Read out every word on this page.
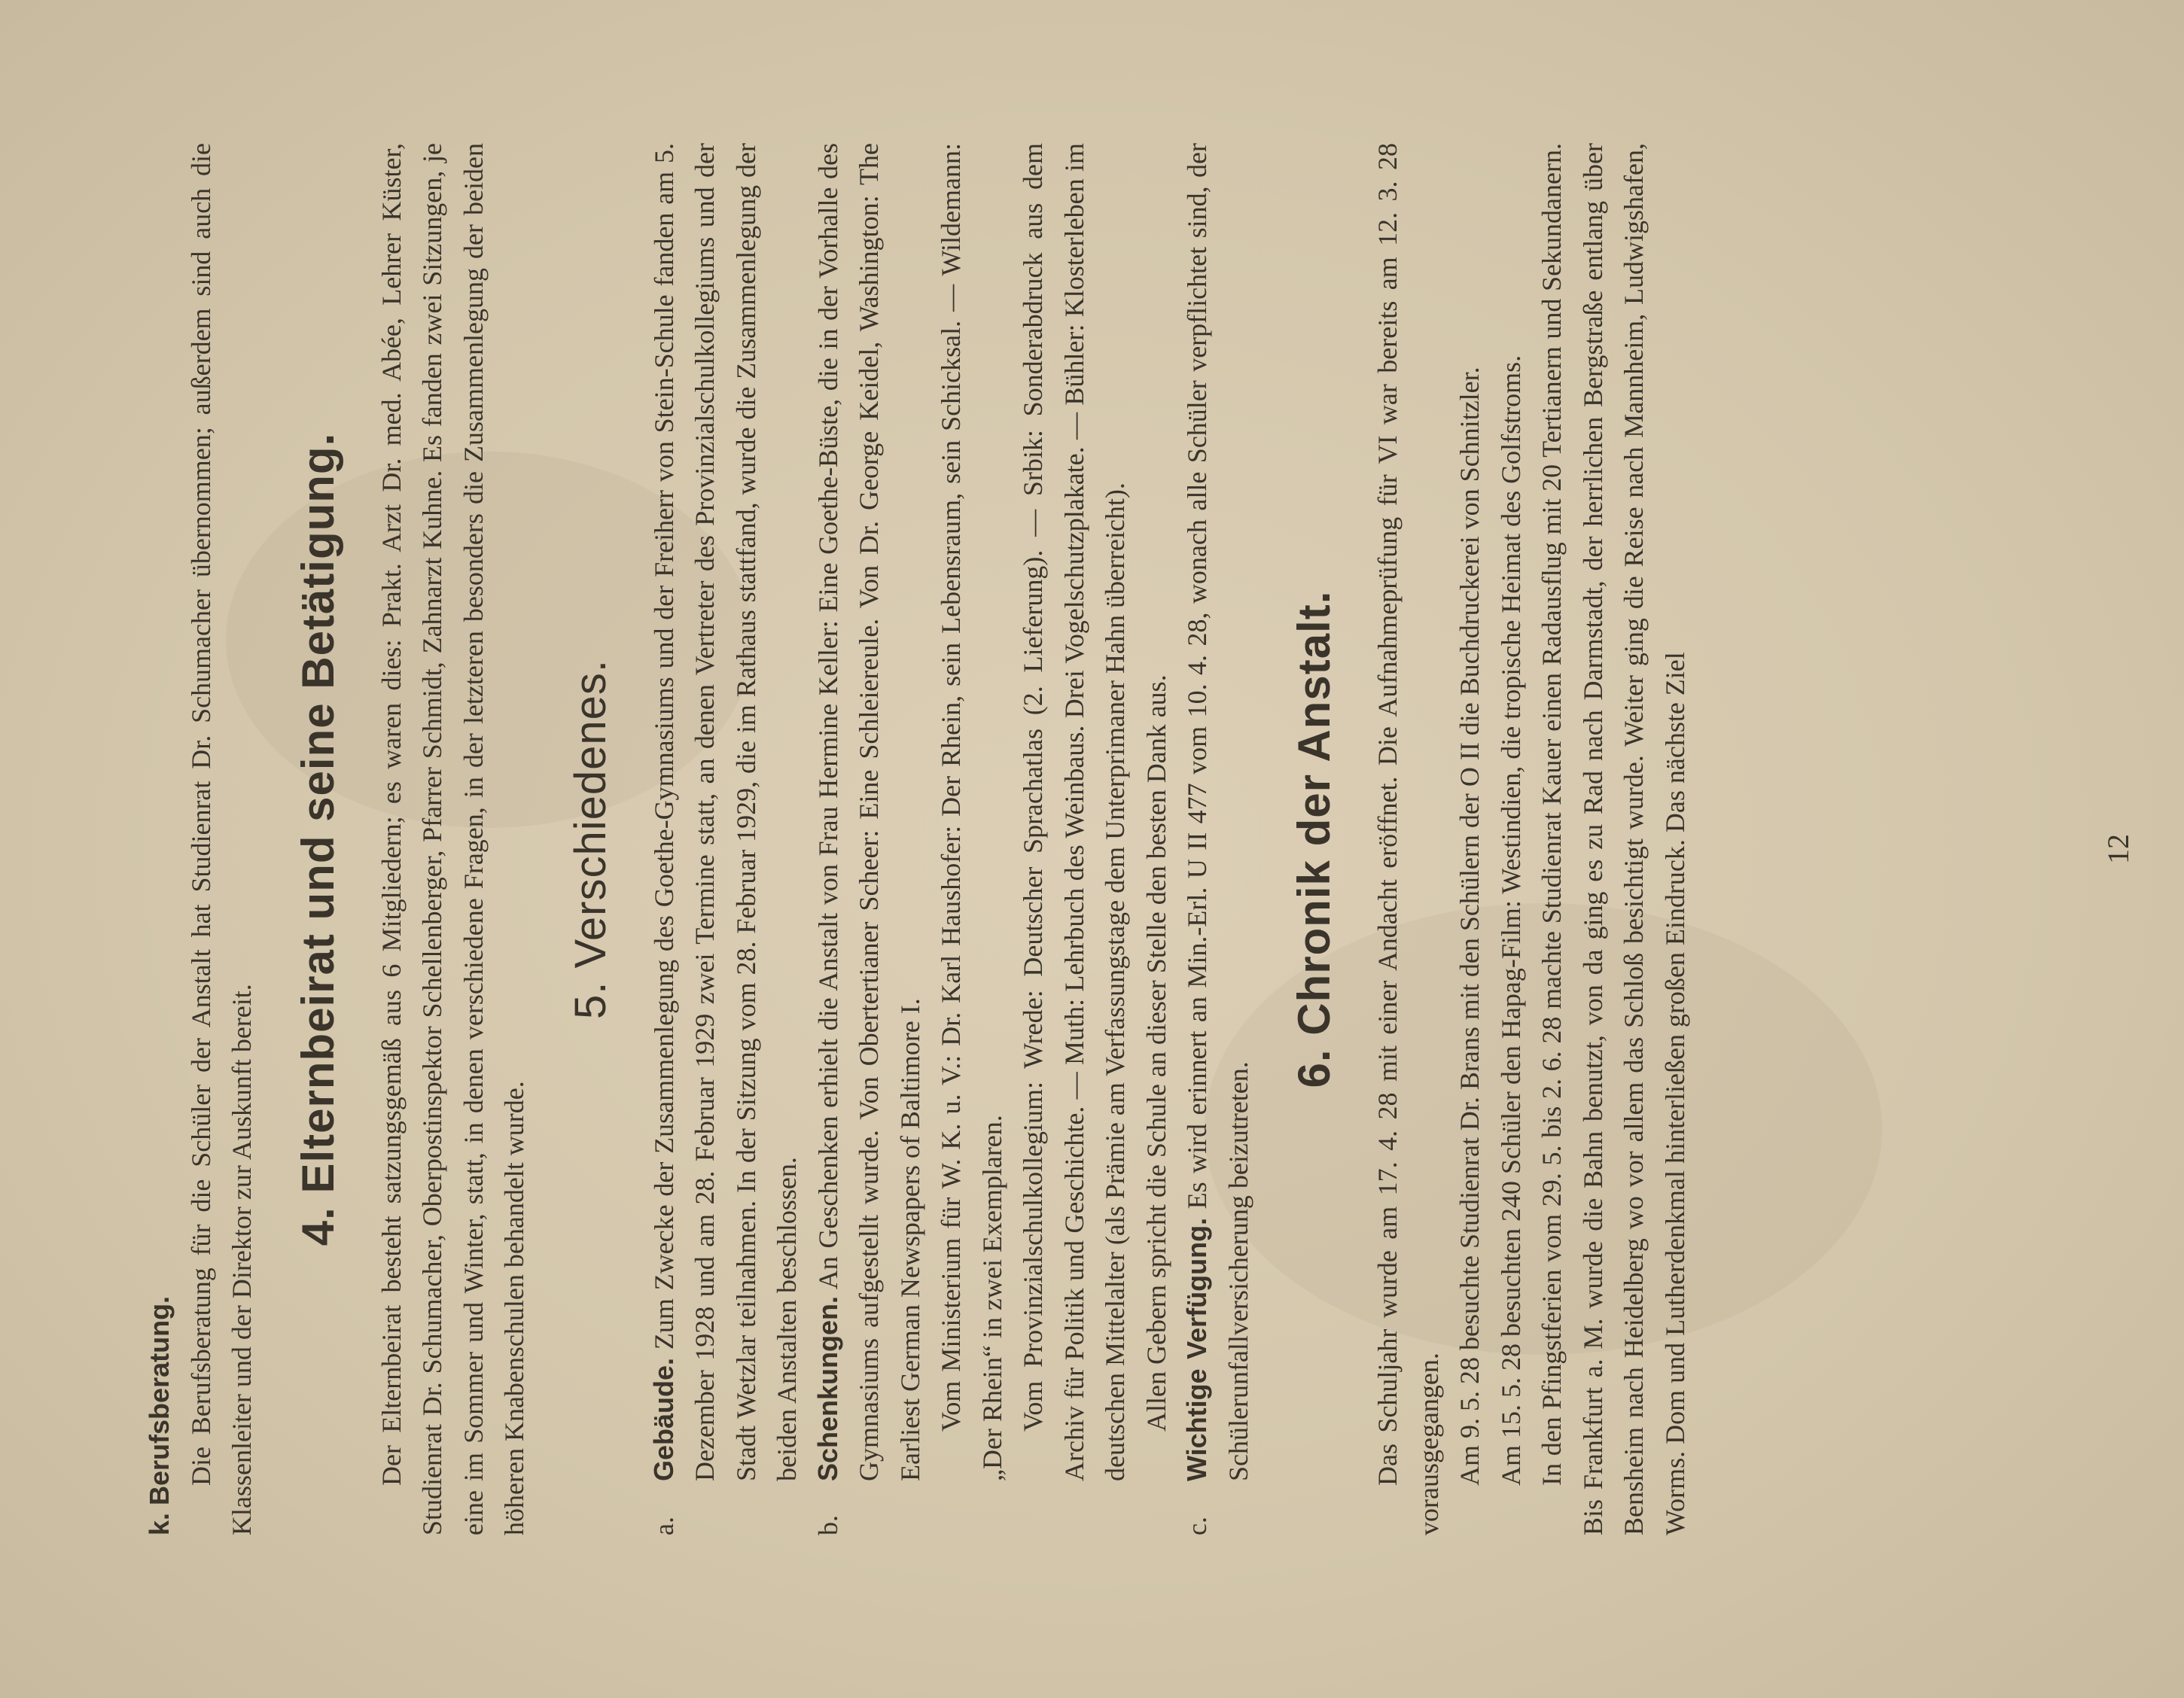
k. Berufsberatung. Die Berufsberatung für die Schüler der Anstalt hat Studienrat Dr. Schumacher übernommen; außerdem sind auch die Klassenleiter und der Direktor zur Auskunft bereit.

4. Elternbeirat und seine Betätigung. Der Elternbeirat besteht satzungsgemäß aus 6 Mitgliedern; es waren dies: Prakt. Arzt Dr. med. Abée, Lehrer Küster, Studienrat Dr. Schumacher, Oberpostinspektor Schellenberger, Pfarrer Schmidt, Zahnarzt Kuhne. Es fanden zwei Sitzungen, je eine im Sommer und Winter, statt, in denen verschiedene Fragen, in der letzteren besonders die Zusammenlegung der beiden höheren Knabenschulen behandelt wurde.

5. Verschiedenes.
a.

Gebäude. Zum Zwecke der Zusammenlegung des Goethe-Gymnasiums und der Freiherr von Stein-Schule fanden am 5. Dezember 1928 und am 28. Februar 1929 zwei Termine statt, an denen Vertreter des Provinzialschulkollegiums und der Stadt Wetzlar teilnahmen. In der Sitzung vom 28. Februar 1929, die im Rathaus stattfand, wurde die Zusammenlegung der beiden Anstalten beschlossen.

b.

Schenkungen. An Geschenken erhielt die Anstalt von Frau Hermine Keller: Eine Goethe-Büste, die in der Vorhalle des Gymnasiums aufgestellt wurde. Von Obertertianer Scheer: Eine Schleiereule. Von Dr. George Keidel, Washington: The Earliest German Newspapers of Baltimore I. Vom Ministerium für W. K. u. V.: Dr. Karl Haushofer: Der Rhein, sein Lebensraum, sein Schicksal. — Wildemann: „Der Rhein“ in zwei Exemplaren. Vom Provinzialschulkollegium: Wrede: Deutscher Sprachatlas (2. Lieferung). — Srbik: Sonderabdruck aus dem Archiv für Politik und Geschichte. — Muth: Lehrbuch des Weinbaus. Drei Vogelschutzplakate. — Bühler: Klosterleben im deutschen Mittelalter (als Prämie am Verfassungstage dem Unterprimaner Hahn überreicht). Allen Gebern spricht die Schule an dieser Stelle den besten Dank aus.

c.

Wichtige Verfügung. Es wird erinnert an Min.-Erl. U II 477 vom 10. 4. 28, wonach alle Schüler verpflichtet sind, der Schülerunfallversicherung beizutreten.

6. Chronik der Anstalt. Das Schuljahr wurde am 17. 4. 28 mit einer Andacht eröffnet. Die Aufnahmeprüfung für VI war bereits am 12. 3. 28 vorausgegangen. Am 9. 5. 28 besuchte Studienrat Dr. Brans mit den Schülern der O II die Buchdruckerei von Schnitzler. Am 15. 5. 28 besuchten 240 Schüler den Hapag-Film: Westindien, die tropische Heimat des Golfstroms. In den Pfingstferien vom 29. 5. bis 2. 6. 28 machte Studienrat Kauer einen Radausflug mit 20 Tertianern und Sekundanern. Bis Frankfurt a. M. wurde die Bahn benutzt, von da ging es zu Rad nach Darmstadt, der herrlichen Bergstraße entlang über Bensheim nach Heidelberg wo vor allem das Schloß besichtigt wurde. Weiter ging die Reise nach Mannheim, Ludwigshafen, Worms. Dom und Lutherdenkmal hinterließen großen Eindruck. Das nächste Ziel	12
